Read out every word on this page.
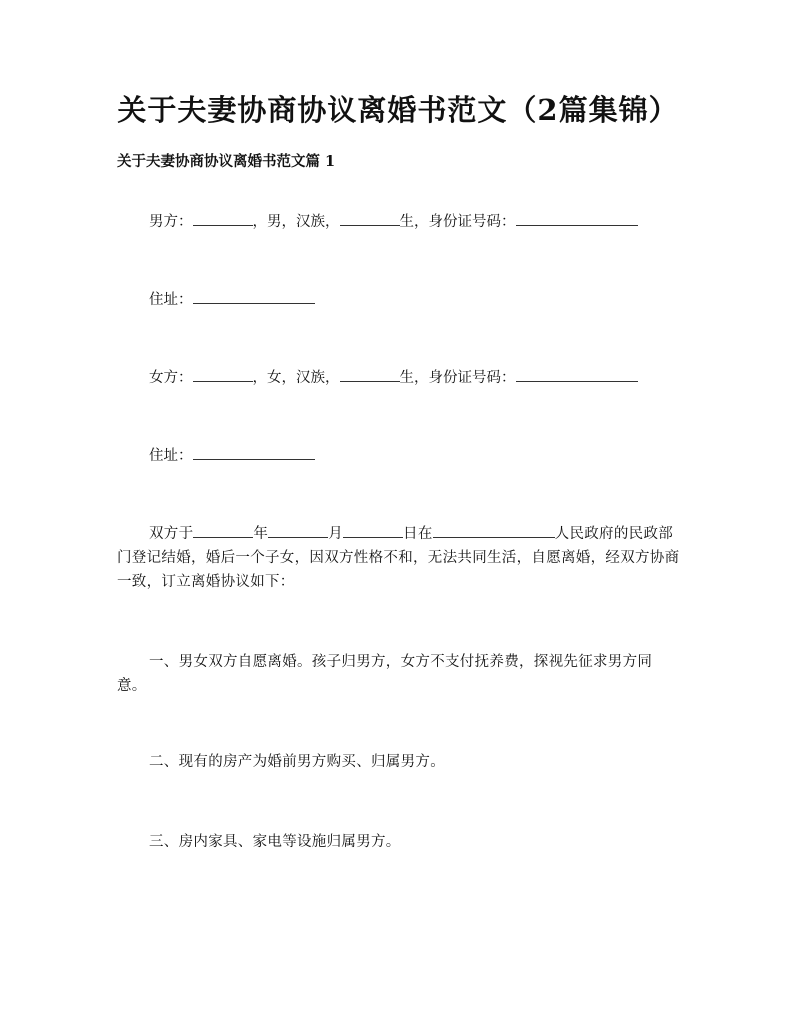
关于夫妻协商协议离婚书范文（2篇集锦）
关于夫妻协商协议离婚书范文篇 1
男方：	，男，汉族，	生，身份证号码：
住址：
女方：	，女，汉族，	生，身份证号码：
住址：
双方于	年	月	日在	人民政府的民政部门登记结婚，婚后一个子女，因双方性格不和，无法共同生活，自愿离婚，经双方协商一致，订立离婚协议如下：
一、男女双方自愿离婚。孩子归男方，女方不支付抚养费，探视先征求男方同意。
二、现有的房产为婚前男方购买、归属男方。
三、房内家具、家电等设施归属男方。
